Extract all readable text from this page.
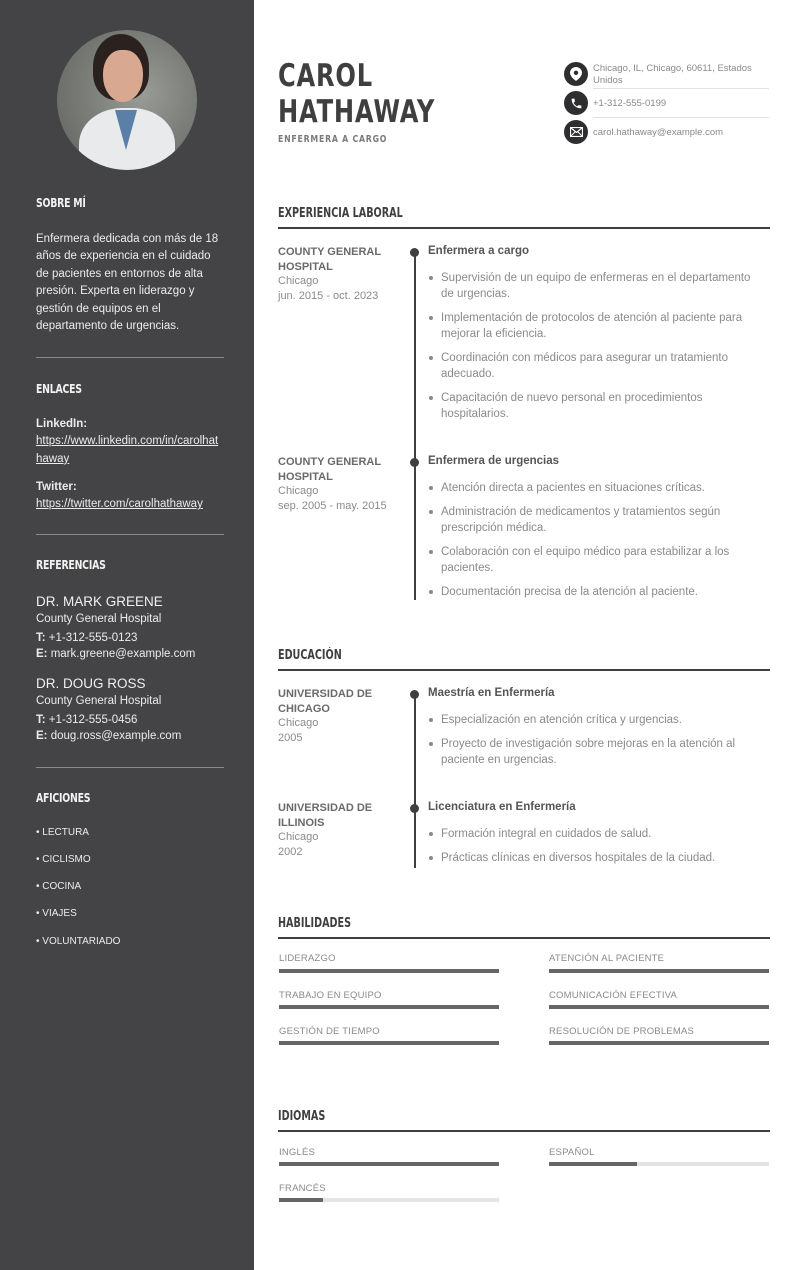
SOBRE MÍ
Enfermera dedicada con más de 18 años de experiencia en el cuidado de pacientes en entornos de alta presión. Experta en liderazgo y gestión de equipos en el departamento de urgencias.
ENLACES
LinkedIn:
https://www.linkedin.com/in/carolhathaway
Twitter:
https://twitter.com/carolhathaway
REFERENCIAS
DR. MARK GREENE
County General Hospital
T: +1-312-555-0123
E: mark.greene@example.com
DR. DOUG ROSS
County General Hospital
T: +1-312-555-0456
E: doug.ross@example.com
AFICIONES
• LECTURA
• CICLISMO
• COCINA
• VIAJES
• VOLUNTARIADO
CAROL
HATHAWAY
ENFERMERA A CARGO
Chicago, IL, Chicago, 60611, Estados Unidos
+1-312-555-0199
carol.hathaway@example.com
EXPERIENCIA LABORAL
COUNTY GENERAL HOSPITAL
Chicago
jun. 2015 - oct. 2023
Enfermera a cargo
Supervisión de un equipo de enfermeras en el departamento de urgencias.
Implementación de protocolos de atención al paciente para mejorar la eficiencia.
Coordinación con médicos para asegurar un tratamiento adecuado.
Capacitación de nuevo personal en procedimientos hospitalarios.
COUNTY GENERAL HOSPITAL
Chicago
sep. 2005 - may. 2015
Enfermera de urgencias
Atención directa a pacientes en situaciones críticas.
Administración de medicamentos y tratamientos según prescripción médica.
Colaboración con el equipo médico para estabilizar a los pacientes.
Documentación precisa de la atención al paciente.
EDUCACIÓN
UNIVERSIDAD DE CHICAGO
Chicago
2005
Maestría en Enfermería
Especialización en atención crítica y urgencias.
Proyecto de investigación sobre mejoras en la atención al paciente en urgencias.
UNIVERSIDAD DE ILLINOIS
Chicago
2002
Licenciatura en Enfermería
Formación integral en cuidados de salud.
Prácticas clínicas en diversos hospitales de la ciudad.
HABILIDADES
LIDERAZGO	ATENCIÓN AL PACIENTE
TRABAJO EN EQUIPO	COMUNICACIÓN EFECTIVA
GESTIÓN DE TIEMPO	RESOLUCIÓN DE PROBLEMAS
IDIOMAS
INGLÉS	ESPAÑOL
FRANCÉS
